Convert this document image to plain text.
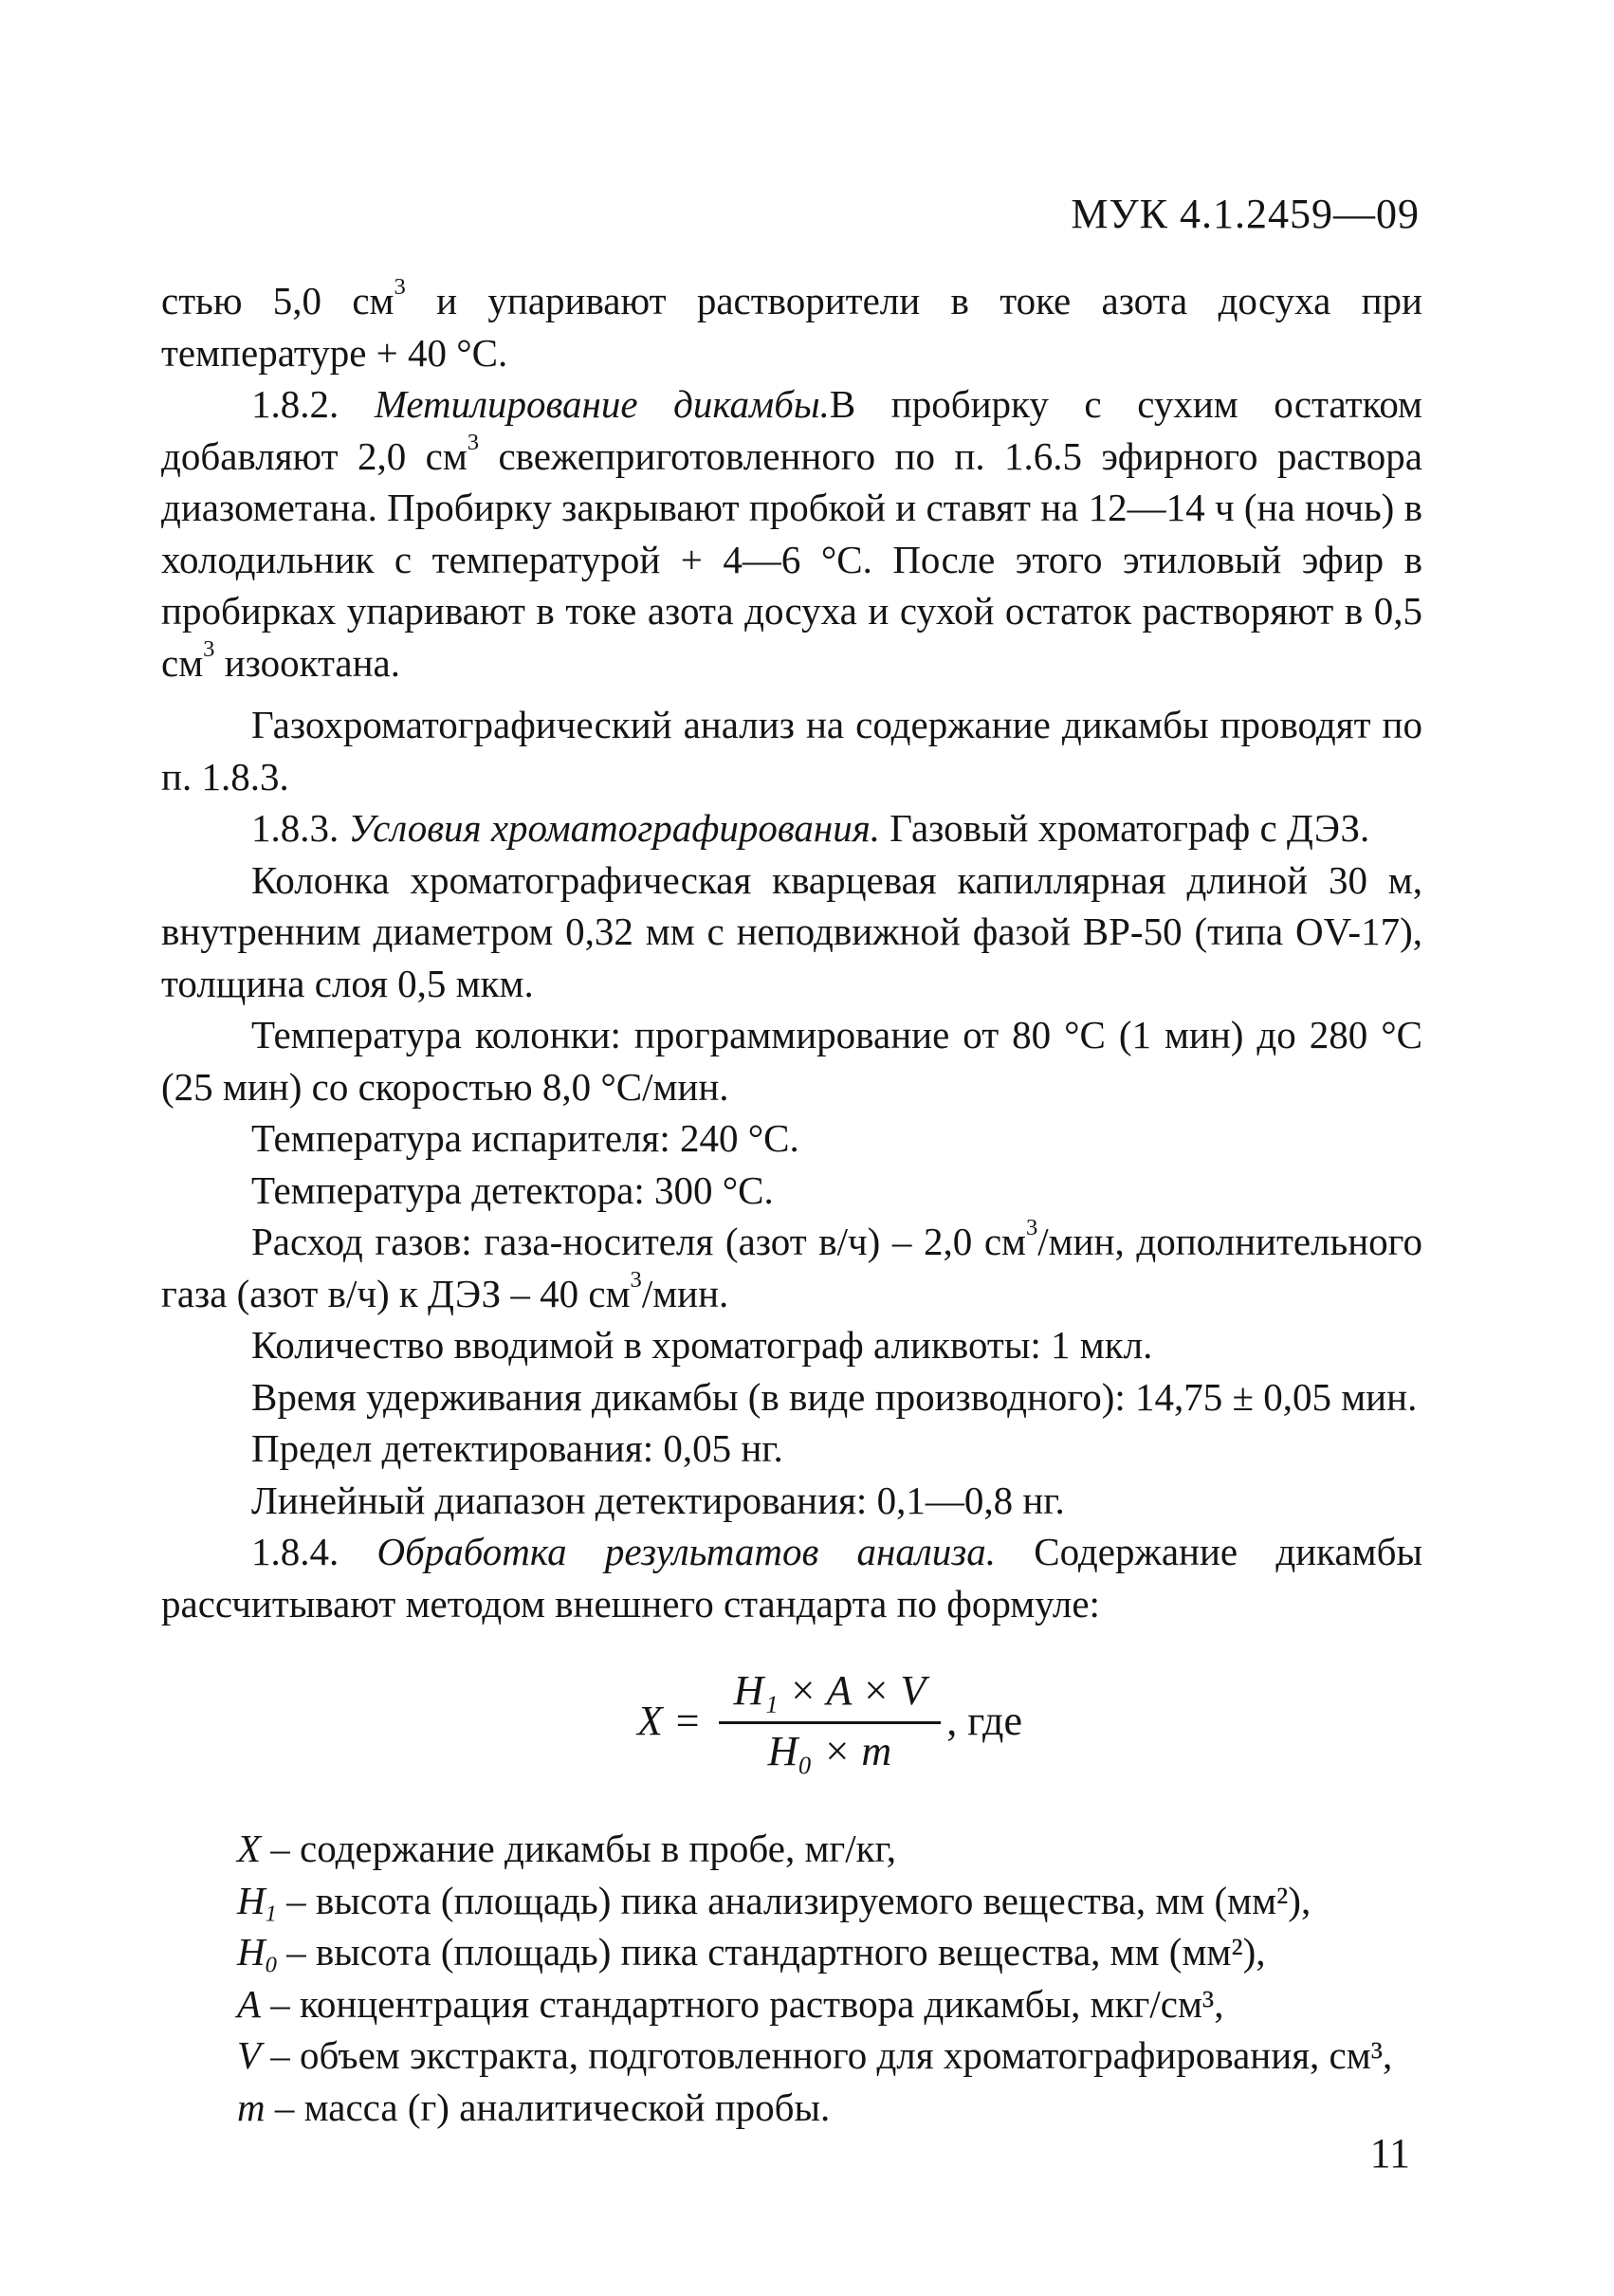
МУК 4.1.2459—09

стью 5,0 $см^3$ и упаривают растворители в токе азота досуха при температуре + 40 °С.

1.8.2. Метилирование дикамбы.В пробирку с сухим остатком добавляют 2,0 $см^3$ свежеприготовленного по п. 1.6.5 эфирного раствора диазометана. Пробирку закрывают пробкой и ставят на 12—14 ч (на ночь) в холодильник с температурой + 4—6 °С. После этого этиловый эфир в пробирках упаривают в токе азота досуха и сухой остаток растворяют в 0,5 $см^3$ изооктана.

Газохроматографический анализ на содержание дикамбы проводят по п. 1.8.3.

1.8.3. Условия хроматографирования. Газовый хроматограф с ДЭЗ.

Колонка хроматографическая кварцевая капиллярная длиной 30 м, внутренним диаметром 0,32 мм с неподвижной фазой ВР-50 (типа OV-17), толщина слоя 0,5 мкм.

Температура колонки: программирование от 80 °С (1 мин) до 280 °С (25 мин) со скоростью 8,0 °С/мин.

Температура испарителя: 240 °С.

Температура детектора: 300 °С.

Расход газов: газа-носителя (азот в/ч) – 2,0 $см^3$/мин, дополнительного газа (азот в/ч) к ДЭЗ – 40 $см^3$/мин.

Количество вводимой в хроматограф аликвоты: 1 мкл.

Время удерживания дикамбы (в виде производного): 14,75 ± 0,05 мин.

Предел детектирования: 0,05 нг.

Линейный диапазон детектирования: 0,1—0,8 нг.

1.8.4. Обработка результатов анализа. Содержание дикамбы рассчитывают методом внешнего стандарта по формуле:

$X = \frac{\text{H₁ × A × V}}{\text{H₀ × m}}$ , где

X – содержание дикамбы в пробе, мг/кг,

$H_1$ – высота (площадь) пика анализируемого вещества, мм (мм²),

$H_0$ – высота (площадь) пика стандартного вещества, мм (мм²),

A – концентрация стандартного раствора дикамбы, мкг/см³,

V – объем экстракта, подготовленного для хроматографирования, см³,

m – масса (г) аналитической пробы.

11
